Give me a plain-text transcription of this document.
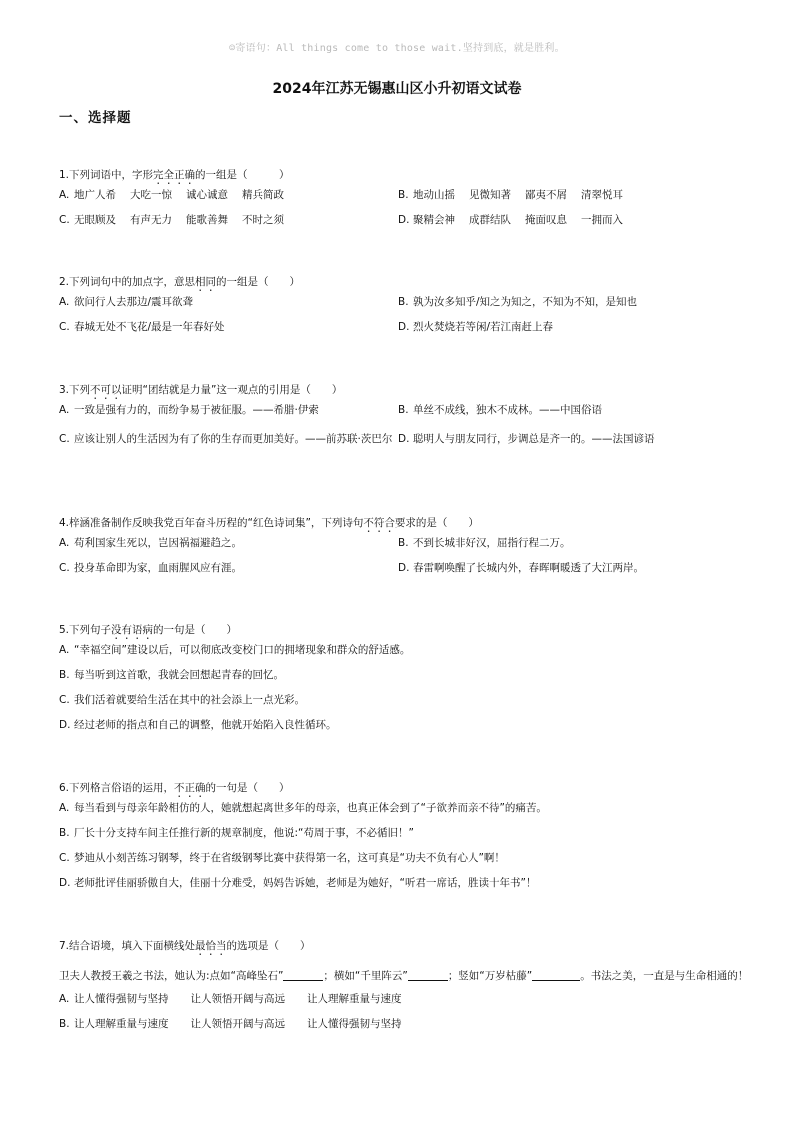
☺寄语句：All things come to those wait.坚持到底，就是胜利。
2024年江苏无锡惠山区小升初语文试卷
一、选择题
1.下列词语中，字形完全正确的一组是（　　　）
A. 地广人希 大吃一惊 诚心诚意 精兵简政	B. 地动山摇 见微知著 鄙夷不屑 清翠悦耳
C. 无眼顾及 有声无力 能歌善舞 不时之须	D. 聚精会神 成群结队 掩面叹息 一拥而入
2.下列词句中的加点字，意思相同的一组是（　　）
A. 欲问行人去那边/震耳欲聋	B. 孰为汝多知乎/知之为知之，不知为不知，是知也
C. 春城无处不飞花/最是一年春好处	D. 烈火焚烧若等闲/若江南赶上春
3.下列不可以证明“团结就是力量”这一观点的引用是（　　）
A. 一致是强有力的，而纷争易于被征服。——希腊·伊索	B. 单丝不成线，独木不成林。——中国俗语
C. 应该让别人的生活因为有了你的生存而更加美好。——前苏联·茨巴尔 D. 聪明人与朋友同行，步调总是齐一的。——法国谚语
4.梓涵准备制作反映我党百年奋斗历程的“红色诗词集”，下列诗句不符合要求的是（　　）
A. 苟利国家生死以，岂因祸福避趋之。	B. 不到长城非好汉，屈指行程二万。
C. 投身革命即为家，血雨腥风应有涯。	D. 春雷啊唤醒了长城内外，春晖啊暖透了大江两岸。
5.下列句子没有语病的一句是（　　）
A. “幸福空间”建设以后，可以彻底改变校门口的拥堵现象和群众的舒适感。
B. 每当听到这首歌，我就会回想起青春的回忆。
C. 我们活着就要给生活在其中的社会添上一点光彩。
D. 经过老师的指点和自己的调整，他就开始陷入良性循环。
6.下列格言俗语的运用，不正确的一句是（　　）
A. 每当看到与母亲年龄相仿的人，她就想起离世多年的母亲，也真正体会到了“子欲养而亲不待”的痛苦。
B. 厂长十分支持车间主任推行新的规章制度，他说:“苟周于事，不必循旧！”
C. 梦迪从小刻苦练习钢琴，终于在省级钢琴比赛中获得第一名，这可真是“功夫不负有心人”啊！
D. 老师批评佳丽骄傲自大，佳丽十分难受，妈妈告诉她，老师是为她好，“听君一席话，胜读十年书”！
7.结合语境，填入下面横线处最恰当的选项是（　　）
卫夫人教授王羲之书法，她认为:点如“高峰坠石”	；横如“千里阵云”	；竖如“万岁枯藤”	。书法之美，一直是与生命相通的！
A. 让人懂得强韧与坚持 让人领悟开阔与高远 让人理解重量与速度
B. 让人理解重量与速度 让人领悟开阔与高远 让人懂得强韧与坚持
